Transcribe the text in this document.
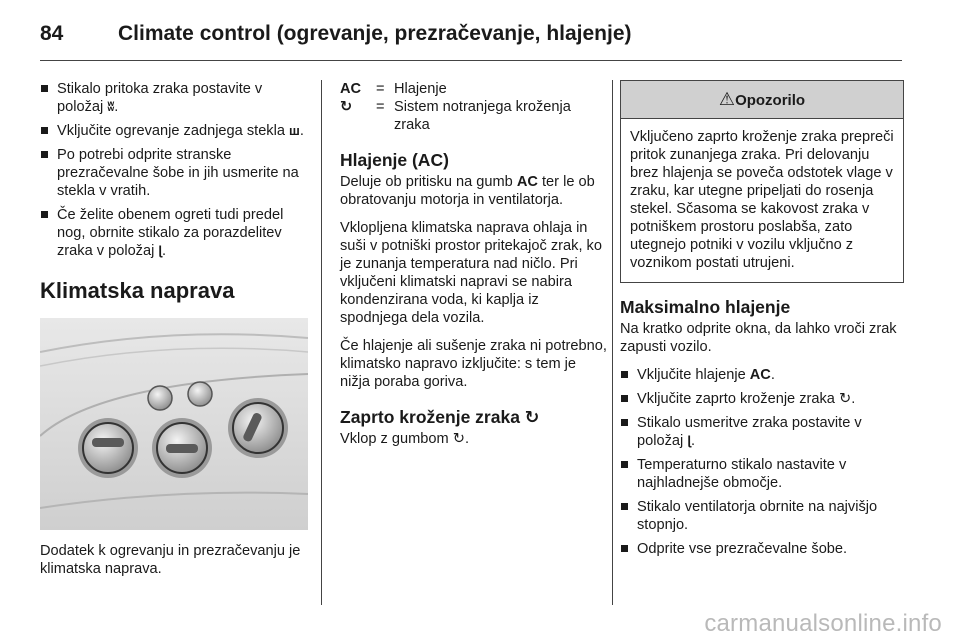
84	Climate control (ogrevanje, prezračevanje, hlajenje)
Stikalo pritoka zraka postavite v položaj ʬ.
Vključite ogrevanje zadnjega stekla ш.
Po potrebi odprite stranske prezračevalne šobe in jih usmerite na stekla v vratih.
Če želite obenem ogreti tudi predel nog, obrnite stikalo za porazdelitev zraka v položaj ɭ.
Klimatska naprava

Dodatek k ogrevanju in prezračevanju je klimatska naprava.

AC	=	Hlajenje
↻	=	Sistem notranjega kroženja zraka
Hlajenje (AC)

Deluje ob pritisku na gumb AC ter le ob obratovanju motorja in ventilatorja.

Vklopljena klimatska naprava ohlaja in suši v potniški prostor pritekajoč zrak, ko je zunanja temperatura nad ničlo. Pri vključeni klimatski napravi se nabira kondenzirana voda, ki kaplja iz spodnjega dela vozila.

Če hlajenje ali sušenje zraka ni potrebno, klimatsko napravo izključite: s tem je nižja poraba goriva.

Zaprto kroženje zraka ↻

Vklop z gumbom ↻.

⚠Opozorilo
Vključeno zaprto kroženje zraka prepreči pritok zunanjega zraka. Pri delovanju brez hlajenja se poveča odstotek vlage v zraku, kar utegne pripeljati do rosenja stekel. Sčasoma se kakovost zraka v potniškem prostoru poslabša, zato utegnejo potniki v vozilu vključno z voznikom postati utrujeni.
Maksimalno hlajenje

Na kratko odprite okna, da lahko vroči zrak zapusti vozilo.

Vključite hlajenje AC.
Vključite zaprto kroženje zraka ↻.
Stikalo usmeritve zraka postavite v položaj ɭ.
Temperaturno stikalo nastavite v najhladnejše območje.
Stikalo ventilatorja obrnite na najvišjo stopnjo.
Odprite vse prezračevalne šobe.
carmanualsonline.info
